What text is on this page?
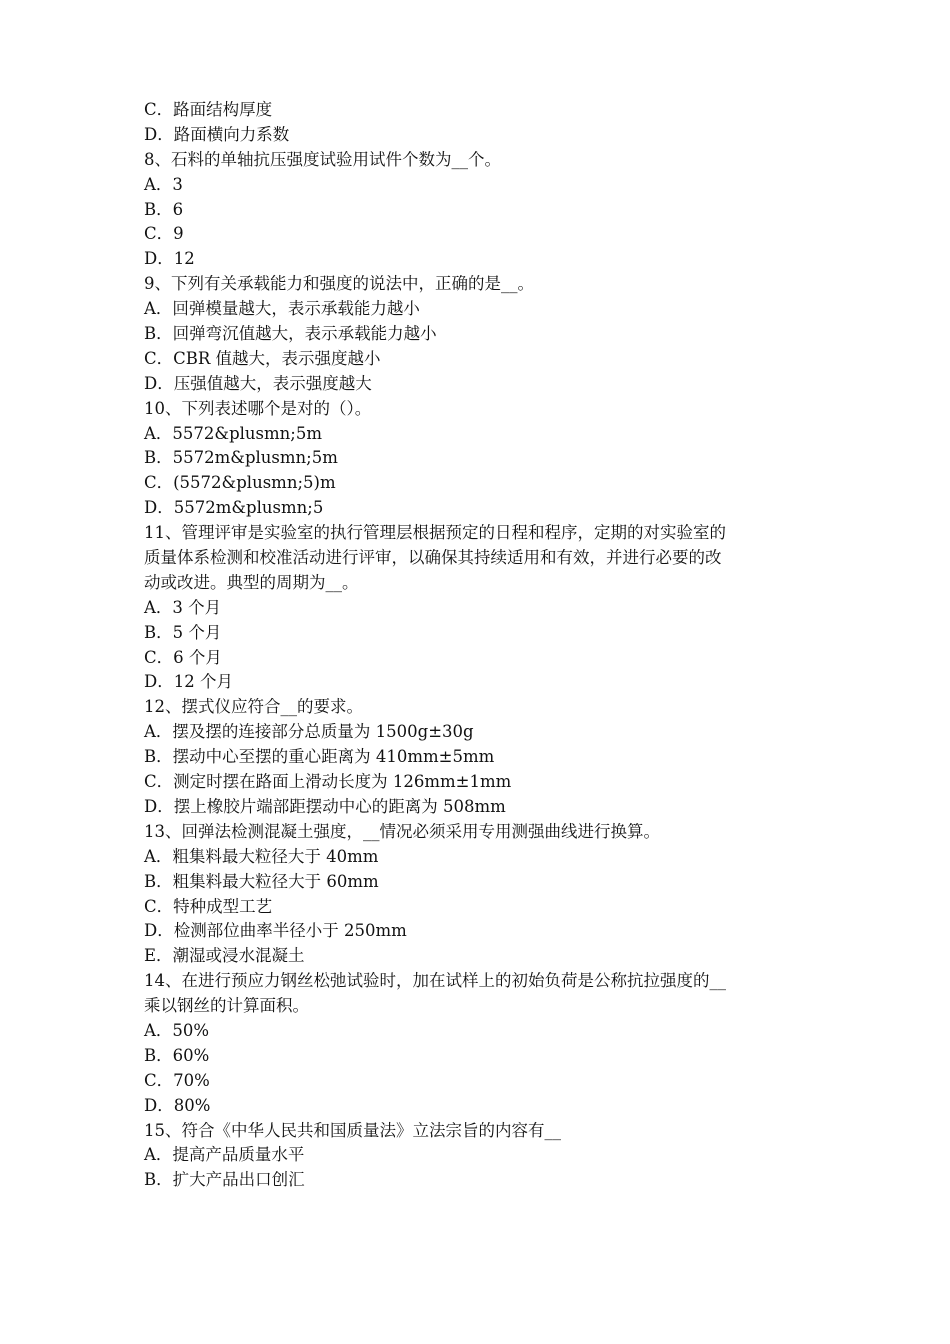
C．路面结构厚度
D．路面横向力系数
8、石料的单轴抗压强度试验用试件个数为__个。
A．3
B．6
C．9
D．12
9、下列有关承载能力和强度的说法中，正确的是__。
A．回弹模量越大，表示承载能力越小
B．回弹弯沉值越大，表示承载能力越小
C．CBR 值越大，表示强度越小
D．压强值越大，表示强度越大
10、下列表述哪个是对的（）。
A．5572&plusmn;5m
B．5572m&plusmn;5m
C．(5572&plusmn;5)m
D．5572m&plusmn;5
11、管理评审是实验室的执行管理层根据预定的日程和程序，定期的对实验室的
质量体系检测和校准活动进行评审，以确保其持续适用和有效，并进行必要的改
动或改进。典型的周期为__。
A．3 个月
B．5 个月
C．6 个月
D．12 个月
12、摆式仪应符合__的要求。
A．摆及摆的连接部分总质量为 1500g±30g
B．摆动中心至摆的重心距离为 410mm±5mm
C．测定时摆在路面上滑动长度为 126mm±1mm
D．摆上橡胶片端部距摆动中心的距离为 508mm
13、回弹法检测混凝土强度，__情况必须采用专用测强曲线进行换算。
A．粗集料最大粒径大于 40mm
B．粗集料最大粒径大于 60mm
C．特种成型工艺
D．检测部位曲率半径小于 250mm
E．潮湿或浸水混凝土
14、在进行预应力钢丝松弛试验时，加在试样上的初始负荷是公称抗拉强度的__
乘以钢丝的计算面积。
A．50%
B．60%
C．70%
D．80%
15、符合《中华人民共和国质量法》立法宗旨的内容有__
A．提高产品质量水平
B．扩大产品出口创汇
